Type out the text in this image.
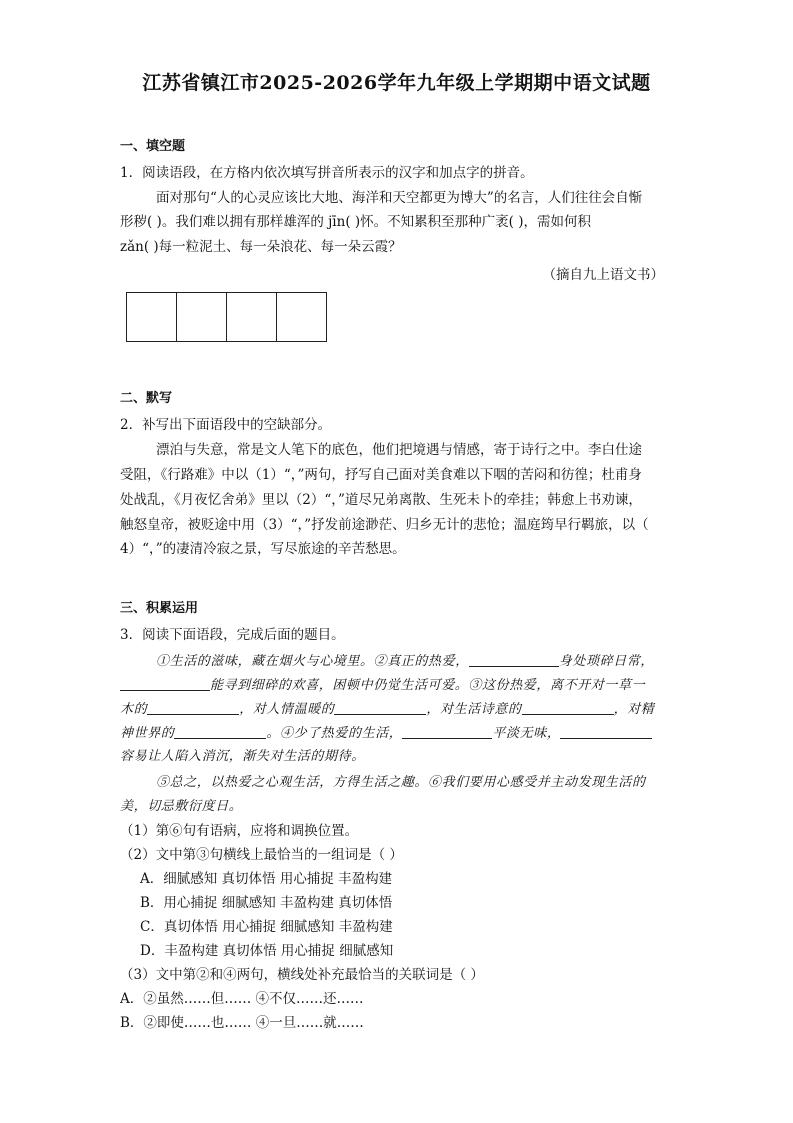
江苏省镇江市2025-2026学年九年级上学期期中语文试题
一、填空题
1．阅读语段，在方格内依次填写拼音所表示的汉字和加点字的拼音。
面对那句“人的心灵应该比大地、海洋和天空都更为博大”的名言，人们往往会自惭
形秽( )。我们难以拥有那样雄浑的 jīn( )怀。不知累积至那种广袤( )，需如何积
zǎn( )每一粒泥土、每一朵浪花、每一朵云霞？
（摘自九上语文书）
二、默写
2．补写出下面语段中的空缺部分。
漂泊与失意，常是文人笔下的底色，他们把境遇与情感，寄于诗行之中。李白仕途
受阻，《行路难》中以（1）“，”两句，抒写自己面对美食难以下咽的苦闷和彷徨；杜甫身
处战乱，《月夜忆舍弟》里以（2）“，”道尽兄弟离散、生死未卜的牵挂；韩愈上书劝谏，
触怒皇帝，被贬途中用（3）“，”抒发前途渺茫、归乡无计的悲怆；温庭筠早行羁旅，以（
4）“，”的凄清冷寂之景，写尽旅途的辛苦愁思。
三、积累运用
3．阅读下面语段，完成后面的题目。
①生活的滋味，藏在烟火与心境里。②真正的热爱，	身处琐碎日常，
能寻到细碎的欢喜，困顿中仍觉生活可爱。③这份热爱，离不开对一草一
木的	，对人情温暖的	，对生活诗意的	，对精
神世界的	。④少了热爱的生活，	平淡无味，
容易让人陷入消沉，渐失对生活的期待。
⑤总之，以热爱之心观生活，方得生活之趣。⑥我们要用心感受并主动发现生活的
美，切忌敷衍度日。
（1）第⑥句有语病，应将和调换位置。
（2）文中第③句横线上最恰当的一组词是（ ）
A．细腻感知 真切体悟 用心捕捉 丰盈构建
B．用心捕捉 细腻感知 丰盈构建 真切体悟
C．真切体悟 用心捕捉 细腻感知 丰盈构建
D．丰盈构建 真切体悟 用心捕捉 细腻感知
（3）文中第②和④两句，横线处补充最恰当的关联词是（ ）
A．②虽然……但…… ④不仅……还……
B．②即使……也…… ④一旦……就……
